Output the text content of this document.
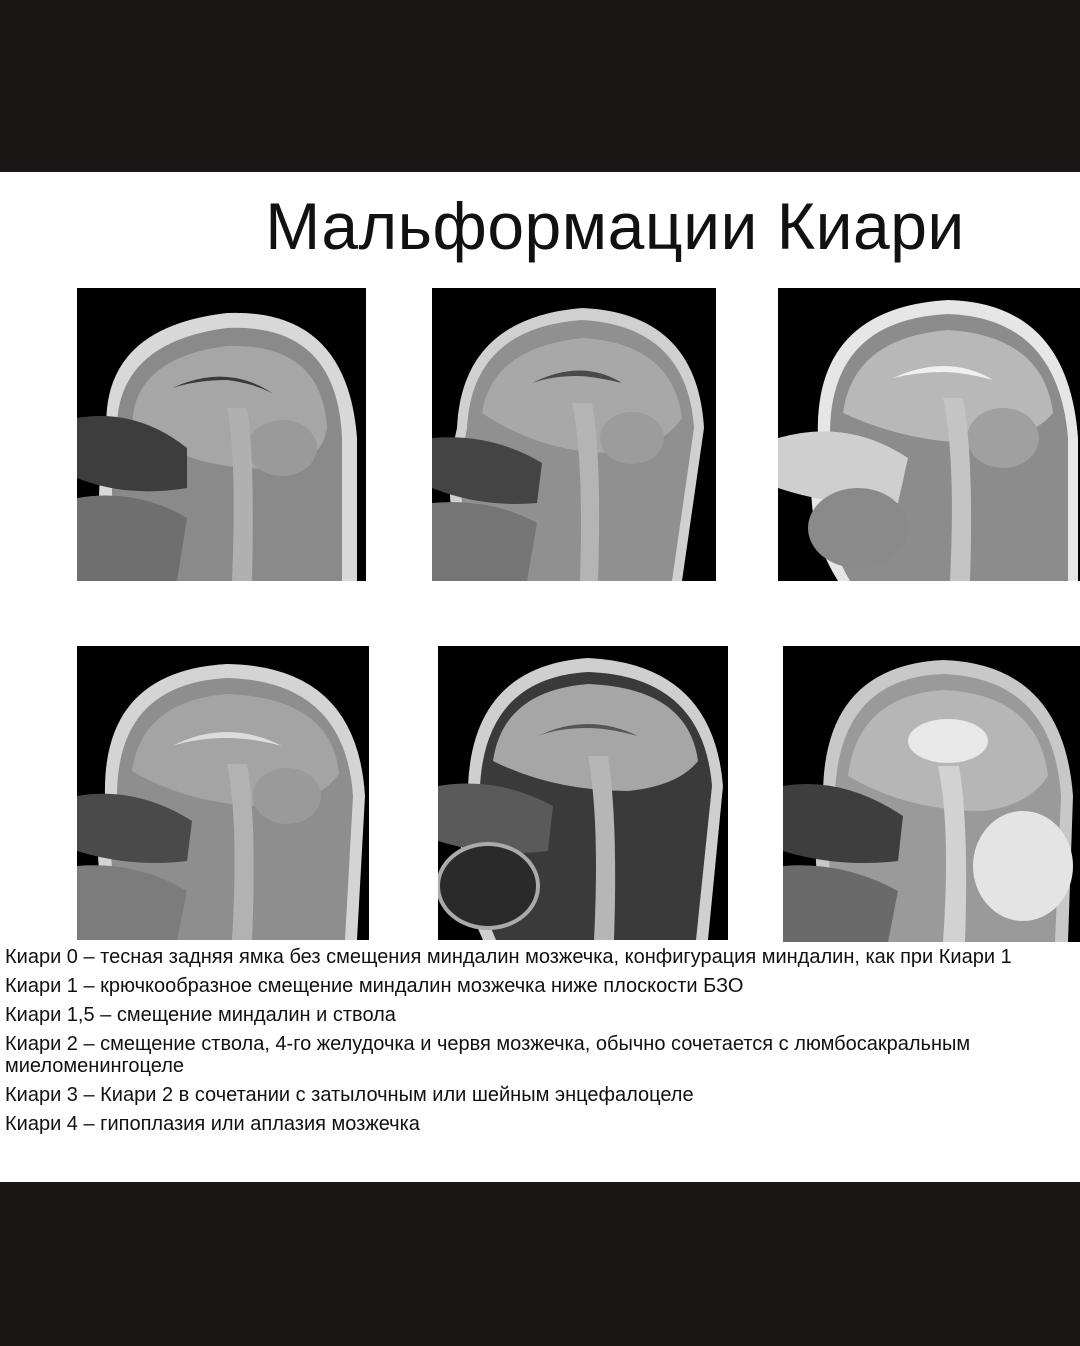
Мальформации Киари
Киари 0 – тесная задняя ямка без смещения миндалин мозжечка, конфигурация миндалин, как при Киари 1
Киари 1 – крючкообразное смещение миндалин мозжечка ниже плоскости БЗО
Киари 1,5 – смещение миндалин и ствола
Киари 2 – смещение ствола, 4-го желудочка и червя мозжечка, обычно сочетается с люмбосакральным
миеломенингоцеле
Киари 3 – Киари 2 в сочетании с затылочным или шейным энцефалоцеле
Киари 4 – гипоплазия или аплазия мозжечка
